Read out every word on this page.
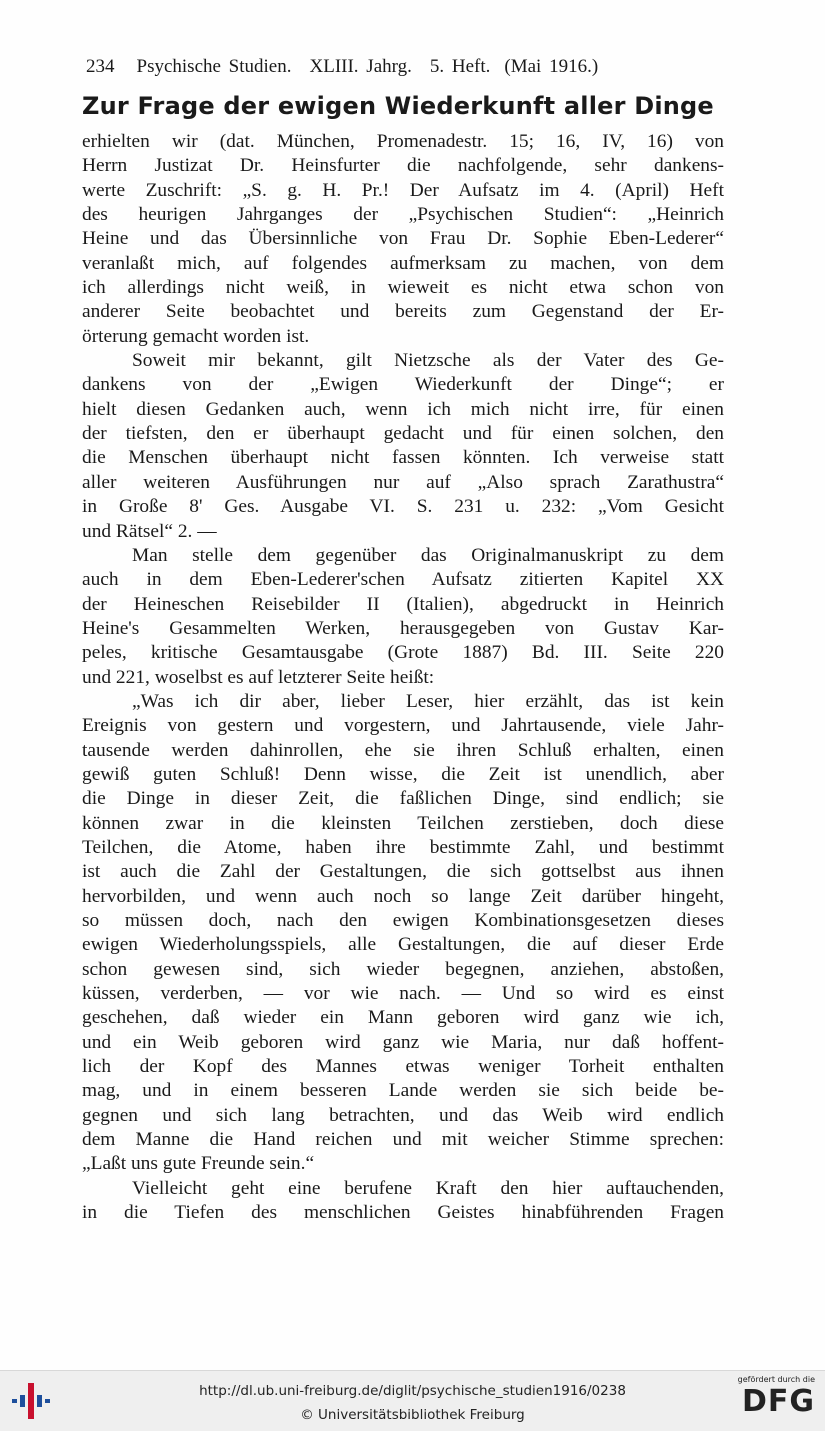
234 Psychische Studien. XLIII. Jahrg. 5. Heft. (Mai 1916.)
Zur Frage der ewigen Wiederkunft aller Dinge
erhielten wir (dat. München, Promenadestr. 15; 16, IV, 16) von
Herrn Justizat Dr. Heinsfurter die nachfolgende, sehr dankens-
werte Zuschrift: „S. g. H. Pr.! Der Aufsatz im 4. (April) Heft
des heurigen Jahrganges der „Psychischen Studien“: „Heinrich
Heine und das Übersinnliche von Frau Dr. Sophie Eben-Lederer“
veranlaßt mich, auf folgendes aufmerksam zu machen, von dem
ich allerdings nicht weiß, in wieweit es nicht etwa schon von
anderer Seite beobachtet und bereits zum Gegenstand der Er-
örterung gemacht worden ist.
Soweit mir bekannt, gilt Nietzsche als der Vater des Ge-
dankens von der „Ewigen Wiederkunft der Dinge“; er
hielt diesen Gedanken auch, wenn ich mich nicht irre, für einen
der tiefsten, den er überhaupt gedacht und für einen solchen, den
die Menschen überhaupt nicht fassen könnten. Ich verweise statt
aller weiteren Ausführungen nur auf „Also sprach Zarathustra“
in Große 8' Ges. Ausgabe VI. S. 231 u. 232: „Vom Gesicht
und Rätsel“ 2. —
Man stelle dem gegenüber das Originalmanuskript zu dem
auch in dem Eben-Lederer'schen Aufsatz zitierten Kapitel XX
der Heineschen Reisebilder II (Italien), abgedruckt in Heinrich
Heine's Gesammelten Werken, herausgegeben von Gustav Kar-
peles, kritische Gesamtausgabe (Grote 1887) Bd. III. Seite 220
und 221, woselbst es auf letzterer Seite heißt:
„Was ich dir aber, lieber Leser, hier erzählt, das ist kein
Ereignis von gestern und vorgestern, und Jahrtausende, viele Jahr-
tausende werden dahinrollen, ehe sie ihren Schluß erhalten, einen
gewiß guten Schluß! Denn wisse, die Zeit ist unendlich, aber
die Dinge in dieser Zeit, die faßlichen Dinge, sind endlich; sie
können zwar in die kleinsten Teilchen zerstieben, doch diese
Teilchen, die Atome, haben ihre bestimmte Zahl, und bestimmt
ist auch die Zahl der Gestaltungen, die sich gottselbst aus ihnen
hervorbilden, und wenn auch noch so lange Zeit darüber hingeht,
so müssen doch, nach den ewigen Kombinationsgesetzen dieses
ewigen Wiederholungsspiels, alle Gestaltungen, die auf dieser Erde
schon gewesen sind, sich wieder begegnen, anziehen, abstoßen,
küssen, verderben, — vor wie nach. — Und so wird es einst
geschehen, daß wieder ein Mann geboren wird ganz wie ich,
und ein Weib geboren wird ganz wie Maria, nur daß hoffent-
lich der Kopf des Mannes etwas weniger Torheit enthalten
mag, und in einem besseren Lande werden sie sich beide be-
gegnen und sich lang betrachten, und das Weib wird endlich
dem Manne die Hand reichen und mit weicher Stimme sprechen:
„Laßt uns gute Freunde sein.“
Vielleicht geht eine berufene Kraft den hier auftauchenden,
in die Tiefen des menschlichen Geistes hinabführenden Fragen
http://dl.ub.uni-freiburg.de/diglit/psychische_studien1916/0238
© Universitätsbibliothek Freiburg
gefördert durch die
DFG
